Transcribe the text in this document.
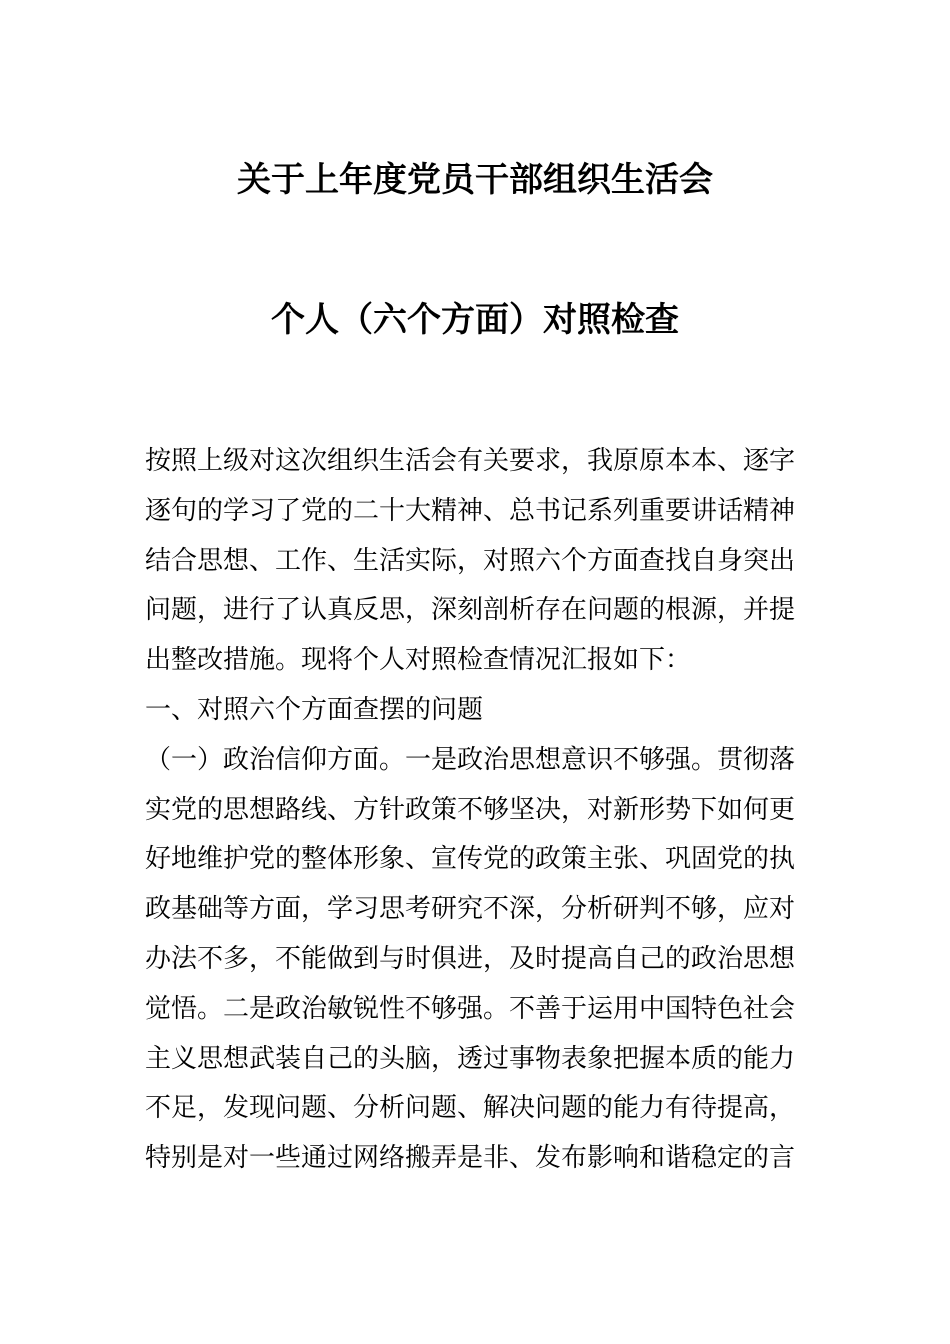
关于上年度党员干部组织生活会
个人（六个方面）对照检查
按照上级对这次组织生活会有关要求，我原原本本、逐字
逐句的学习了党的二十大精神、总书记系列重要讲话精神
结合思想、工作、生活实际，对照六个方面查找自身突出
问题，进行了认真反思，深刻剖析存在问题的根源，并提
出整改措施。现将个人对照检查情况汇报如下：
一、对照六个方面查摆的问题
（一）政治信仰方面。一是政治思想意识不够强。贯彻落
实党的思想路线、方针政策不够坚决，对新形势下如何更
好地维护党的整体形象、宣传党的政策主张、巩固党的执
政基础等方面，学习思考研究不深，分析研判不够，应对
办法不多，不能做到与时俱进，及时提高自己的政治思想
觉悟。二是政治敏锐性不够强。不善于运用中国特色社会
主义思想武装自己的头脑，透过事物表象把握本质的能力
不足，发现问题、分析问题、解决问题的能力有待提高，
特别是对一些通过网络搬弄是非、发布影响和谐稳定的言
